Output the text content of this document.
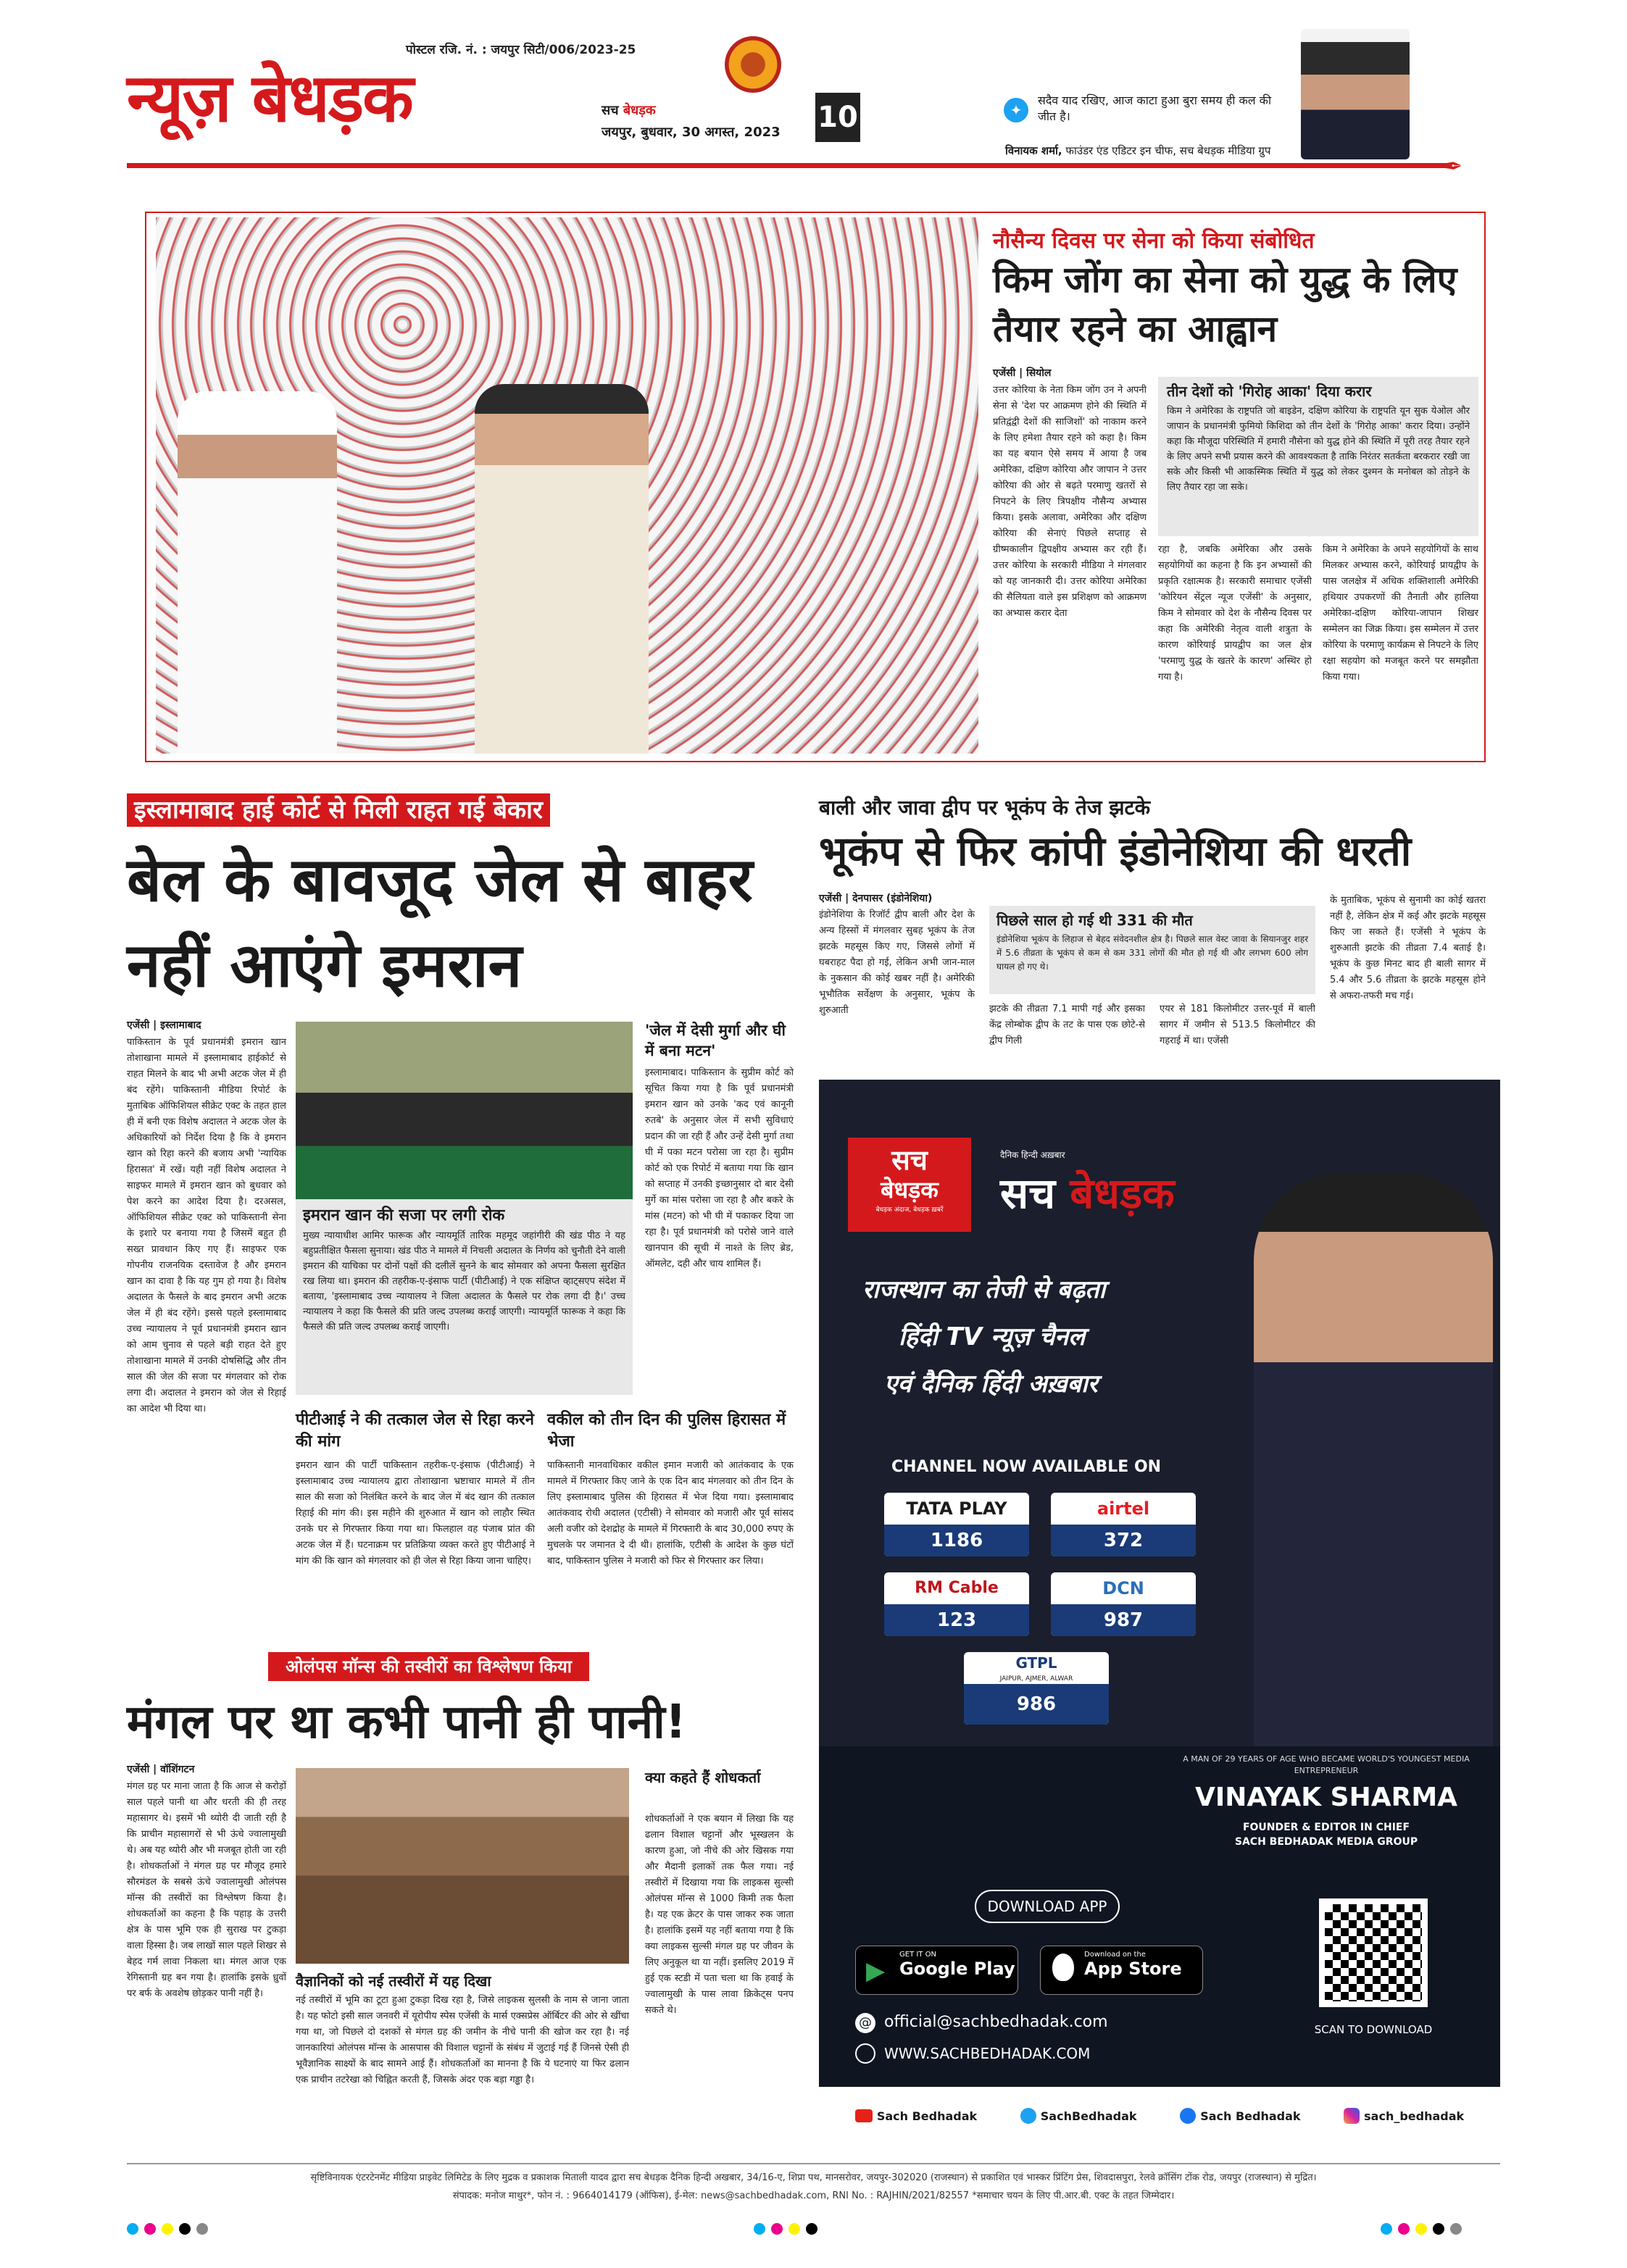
पोस्टल रजि. नं. : जयपुर सिटी/006/2023-25
न्यूज़ बेधड़क	सच बेधड़क
जयपुर, बुधवार, 30 अगस्त, 2023 10	✦
सदैव याद रखिए, आज काटा हुआ बुरा समय ही कल की जीत है।
विनायक शर्मा, फाउंडर एंड एडिटर इन चीफ, सच बेधड़क मीडिया ग्रुप
✒
नौसैन्य दिवस पर सेना को किया संबोधित
किम जोंग का सेना को युद्ध के लिए तैयार रहने का आह्वान
एजेंसी | सियोल
उत्तर कोरिया के नेता किम जोंग उन ने अपनी सेना से 'देश पर आक्रमण होने की स्थिति में प्रतिद्वंद्वी देशों की साजिशों' को नाकाम करने के लिए हमेशा तैयार रहने को कहा है। किम का यह बयान ऐसे समय में आया है जब अमेरिका, दक्षिण कोरिया और जापान ने उत्तर कोरिया की ओर से बढ़ते परमाणु खतरों से निपटने के लिए त्रिपक्षीय नौसैन्य अभ्यास किया। इसके अलावा, अमेरिका और दक्षिण कोरिया की सेनाएं पिछले सप्ताह से ग्रीष्मकालीन द्विपक्षीय अभ्यास कर रही हैं। उत्तर कोरिया के सरकारी मीडिया ने मंगलवार को यह जानकारी दी। उत्तर कोरिया अमेरिका की सैलियता वाले इस प्रशिक्षण को आक्रमण का अभ्यास करार देता
तीन देशों को 'गिरोह आका' दिया करार
किम ने अमेरिका के राष्ट्रपति जो बाइडेन, दक्षिण कोरिया के राष्ट्रपति यून सुक येओल और जापान के प्रधानमंत्री फुमियो किशिदा को तीन देशों के 'गिरोह आका' करार दिया। उन्होंने कहा कि मौजूदा परिस्थिति में हमारी नौसेना को युद्ध होने की स्थिति में पूरी तरह तैयार रहने के लिए अपने सभी प्रयास करने की आवश्यकता है ताकि निरंतर सतर्कता बरकरार रखी जा सके और किसी भी आकस्मिक स्थिति में युद्ध को लेकर दुश्मन के मनोबल को तोड़ने के लिए तैयार रहा जा सके।
रहा है, जबकि अमेरिका और उसके सहयोगियों का कहना है कि इन अभ्यासों की प्रकृति रक्षात्मक है। सरकारी समाचार एजेंसी 'कोरियन सेंट्रल न्यूज एजेंसी' के अनुसार, किम ने सोमवार को देश के नौसैन्य दिवस पर कहा कि अमेरिकी नेतृत्व वाली शत्रुता के कारण कोरियाई प्रायद्वीप का जल क्षेत्र 'परमाणु युद्ध के खतरे के कारण' अस्थिर हो गया है।
किम ने अमेरिका के अपने सहयोगियों के साथ मिलकर अभ्यास करने, कोरियाई प्रायद्वीप के पास जलक्षेत्र में अधिक शक्तिशाली अमेरिकी हथियार उपकरणों की तैनाती और हालिया अमेरिका-दक्षिण कोरिया-जापान शिखर सम्मेलन का जिक्र किया। इस सम्मेलन में उत्तर कोरिया के परमाणु कार्यक्रम से निपटने के लिए रक्षा सहयोग को मजबूत करने पर समझौता किया गया।
इस्लामाबाद हाई कोर्ट से मिली राहत गई बेकार
बेल के बावजूद जेल से बाहर नहीं आएंगे इमरान
एजेंसी | इस्लामाबाद
पाकिस्तान के पूर्व प्रधानमंत्री इमरान खान तोशाखाना मामले में इस्लामाबाद हाईकोर्ट से राहत मिलने के बाद भी अभी अटक जेल में ही बंद रहेंगे। पाकिस्तानी मीडिया रिपोर्ट के मुताबिक ऑफिशियल सीक्रेट एक्ट के तहत हाल ही में बनी एक विशेष अदालत ने अटक जेल के अधिकारियों को निर्देश दिया है कि वे इमरान खान को रिहा करने की बजाय अभी 'न्यायिक हिरासत' में रखें। यही नहीं विशेष अदालत ने साइफर मामले में इमरान खान को बुधवार को पेश करने का आदेश दिया है। दरअसल, ऑफिशियल सीक्रेट एक्ट को पाकिस्तानी सेना के इशारे पर बनाया गया है जिसमें बहुत ही सख्त प्रावधान किए गए हैं। साइफर एक गोपनीय राजनयिक दस्तावेज है और इमरान खान का दावा है कि यह गुम हो गया है। विशेष अदालत के फैसले के बाद इमरान अभी अटक जेल में ही बंद रहेंगे। इससे पहले इस्लामाबाद उच्च न्यायालय ने पूर्व प्रधानमंत्री इमरान खान को आम चुनाव से पहले बड़ी राहत देते हुए तोशाखाना मामले में उनकी दोषसिद्धि और तीन साल की जेल की सजा पर मंगलवार को रोक लगा दी। अदालत ने इमरान को जेल से रिहाई का आदेश भी दिया था।
इमरान खान की सजा पर लगी रोक
मुख्य न्यायाधीश आमिर फारूक और न्यायमूर्ति तारिक महमूद जहांगीरी की खंड पीठ ने यह बहुप्रतीक्षित फैसला सुनाया। खंड पीठ ने मामले में निचली अदालत के निर्णय को चुनौती देने वाली इमरान की याचिका पर दोनों पक्षों की दलीलें सुनने के बाद सोमवार को अपना फैसला सुरक्षित रख लिया था। इमरान की तहरीक-ए-इंसाफ पार्टी (पीटीआई) ने एक संक्षिप्त व्हाट्सएप संदेश में बताया, 'इस्लामाबाद उच्च न्यायालय ने जिला अदालत के फैसले पर रोक लगा दी है।' उच्च न्यायालय ने कहा कि फैसले की प्रति जल्द उपलब्ध कराई जाएगी। न्यायमूर्ति फारूक ने कहा कि फैसले की प्रति जल्द उपलब्ध कराई जाएगी।
'जेल में देसी मुर्गा और घी में बना मटन'
इस्लामाबाद। पाकिस्तान के सुप्रीम कोर्ट को सूचित किया गया है कि पूर्व प्रधानमंत्री इमरान खान को उनके 'कद एवं कानूनी रुतबे' के अनुसार जेल में सभी सुविधाएं प्रदान की जा रही हैं और उन्हें देसी मुर्गा तथा घी में पका मटन परोसा जा रहा है। सुप्रीम कोर्ट को एक रिपोर्ट में बताया गया कि खान को सप्ताह में उनकी इच्छानुसार दो बार देसी मुर्गे का मांस परोसा जा रहा है और बकरे के मांस (मटन) को भी घी में पकाकर दिया जा रहा है। पूर्व प्रधानमंत्री को परोसे जाने वाले खानपान की सूची में नाश्ते के लिए ब्रेड, ऑमलेट, दही और चाय शामिल हैं।
पीटीआई ने की तत्काल जेल से रिहा करने की मांग
इमरान खान की पार्टी पाकिस्तान तहरीक-ए-इंसाफ (पीटीआई) ने इस्लामाबाद उच्च न्यायालय द्वारा तोशाखाना भ्रष्टाचार मामले में तीन साल की सजा को निलंबित करने के बाद जेल में बंद खान की तत्काल रिहाई की मांग की। इस महीने की शुरुआत में खान को लाहौर स्थित उनके घर से गिरफ्तार किया गया था। फिलहाल वह पंजाब प्रांत की अटक जेल में हैं। घटनाक्रम पर प्रतिक्रिया व्यक्त करते हुए पीटीआई ने मांग की कि खान को मंगलवार को ही जेल से रिहा किया जाना चाहिए।
वकील को तीन दिन की पुलिस हिरासत में भेजा
पाकिस्तानी मानवाधिकार वकील इमान मजारी को आतंकवाद के एक मामले में गिरफ्तार किए जाने के एक दिन बाद मंगलवार को तीन दिन के लिए इस्लामाबाद पुलिस की हिरासत में भेज दिया गया। इस्लामाबाद आतंकवाद रोधी अदालत (एटीसी) ने सोमवार को मजारी और पूर्व सांसद अली वजीर को देशद्रोह के मामले में गिरफ्तारी के बाद 30,000 रुपए के मुचलके पर जमानत दे दी थी। हालांकि, एटीसी के आदेश के कुछ घंटों बाद, पाकिस्तान पुलिस ने मजारी को फिर से गिरफ्तार कर लिया।
बाली और जावा द्वीप पर भूकंप के तेज झटके
भूकंप से फिर कांपी इंडोनेशिया की धरती
एजेंसी | देनपासर (इंडोनेशिया)
इंडोनेशिया के रिजॉर्ट द्वीप बाली और देश के अन्य हिस्सों में मंगलवार सुबह भूकंप के तेज झटके महसूस किए गए, जिससे लोगों में घबराहट पैदा हो गई, लेकिन अभी जान-माल के नुकसान की कोई खबर नहीं है। अमेरिकी भूभौतिक सर्वेक्षण के अनुसार, भूकंप के शुरुआती
पिछले साल हो गई थी 331 की मौत
इंडोनेशिया भूकंप के लिहाज से बेहद संवेदनशील क्षेत्र है। पिछले साल वेस्ट जावा के सियानजुर शहर में 5.6 तीव्रता के भूकंप से कम से कम 331 लोगों की मौत हो गई थी और लगभग 600 लोग घायल हो गए थे।
झटके की तीव्रता 7.1 मापी गई और इसका केंद्र लोम्बोक द्वीप के तट के पास एक छोटे-से द्वीप गिली
एयर से 181 किलोमीटर उत्तर-पूर्व में बाली सागर में जमीन से 513.5 किलोमीटर की गहराई में था। एजेंसी
के मुताबिक, भूकंप से सुनामी का कोई खतरा नहीं है, लेकिन क्षेत्र में कई और झटके महसूस किए जा सकते हैं। एजेंसी ने भूकंप के शुरुआती झटके की तीव्रता 7.4 बताई है। भूकंप के कुछ मिनट बाद ही बाली सागर में 5.4 और 5.6 तीव्रता के झटके महसूस होने से अफरा-तफरी मच गई।
ओलंपस मॉन्स की तस्वीरों का विश्लेषण किया
मंगल पर था कभी पानी ही पानी!
एजेंसी | वॉशिंगटन
मंगल ग्रह पर माना जाता है कि आज से करोड़ों साल पहले पानी था और धरती की ही तरह महासागर थे। इसमें भी थ्योरी दी जाती रही है कि प्राचीन महासागरों से भी ऊंचे ज्वालामुखी थे। अब यह थ्योरी और भी मजबूत होती जा रही है। शोधकर्ताओं ने मंगल ग्रह पर मौजूद हमारे सौरमंडल के सबसे ऊंचे ज्वालामुखी ओलंपस मॉन्स की तस्वीरों का विश्लेषण किया है। शोधकर्ताओं का कहना है कि पहाड़ के उत्तरी क्षेत्र के पास भूमि एक ही सुराख पर टुकड़ा वाला हिस्सा है। जब लाखों साल पहले शिखर से बेहद गर्म लावा निकला था। मंगल आज एक रेगिस्तानी ग्रह बन गया है। हालांकि इसके ध्रुवों पर बर्फ के अवशेष छोड़कर पानी नहीं है।
वैज्ञानिकों को नई तस्वीरों में यह दिखा
नई तस्वीरों में भूमि का टूटा हुआ टुकड़ा दिख रहा है, जिसे लाइकस सुलसी के नाम से जाना जाता है। यह फोटो इसी साल जनवरी में यूरोपीय स्पेस एजेंसी के मार्स एक्सप्रेस ऑर्बिटर की ओर से खींचा गया था, जो पिछले दो दशकों से मंगल ग्रह की जमीन के नीचे पानी की खोज कर रहा है। नई जानकारियां ओलंपस मॉन्स के आसपास की विशाल चट्टानों के संबंध में जुटाई गई हैं जिनसे ऐसी ही भूवैज्ञानिक साक्ष्यों के बाद सामने आई हैं। शोधकर्ताओं का मानना है कि ये घटनाएं या फिर ढलान एक प्राचीन तटरेखा को चिह्नित करती हैं, जिसके अंदर एक बड़ा गड्ढा है।
क्या कहते हैं शोधकर्ता
शोधकर्ताओं ने एक बयान में लिखा कि यह ढलान विशाल चट्टानों और भूस्खलन के कारण हुआ, जो नीचे की ओर खिसक गया और मैदानी इलाकों तक फैल गया। नई तस्वीरों में दिखाया गया कि लाइकस सुल्सी ओलंपस मॉन्स से 1000 किमी तक फैला है। यह एक क्रेटर के पास जाकर रुक जाता है। हालांकि इसमें यह नहीं बताया गया है कि क्या लाइकस सुल्सी मंगल ग्रह पर जीवन के लिए अनुकूल था या नहीं। इसलिए 2019 में हुई एक स्टडी में पता चला था कि हवाई के ज्वालामुखी के पास लावा क्रिकेट्स पनप सकते थे।
सच
बेधड़क
बेधड़क अंदाज, बेधड़क ख़बरें
दैनिक हिन्दी अख़बार
सच बेधड़क
राजस्थान का तेजी से बढ़ता
हिंदी TV न्यूज़ चैनल
एवं दैनिक हिंदी अख़बार
CHANNEL NOW AVAILABLE ON
TATA PLAY
1186
airtel
372
RM Cable
123
DCN
987
GTPL
JAIPUR, AJMER, ALWAR
986
A MAN OF 29 YEARS OF AGE WHO BECAME WORLD'S YOUNGEST MEDIA ENTREPRENEUR
VINAYAK SHARMA
FOUNDER & EDITOR IN CHIEF
SACH BEDHADAK MEDIA GROUP
DOWNLOAD APP
▶
GET IT ON
Google Play
Download on the
App Store
@ official@sachbedhadak.com
WWW.SACHBEDHADAK.COM
SCAN TO DOWNLOAD
Sach Bedhadak	SachBedhadak	Sach Bedhadak	sach_bedhadak
सृष्टिविनायक एंटरटेनमेंट मीडिया प्राइवेट लिमिटेड के लिए मुद्रक व प्रकाशक मिताली यादव द्वारा सच बेधड़क दैनिक हिन्दी अखबार, 34/16-ए, शिप्रा पथ, मानसरोवर, जयपुर-302020 (राजस्थान) से प्रकाशित एवं भास्कर प्रिंटिंग प्रेस, शिवदासपुरा, रेलवे क्रॉसिंग टोंक रोड, जयपुर (राजस्थान) से मुद्रित।
संपादक: मनोज माथुर*, फोन नं. : 9664014179 (ऑफिस), ई-मेल: news@sachbedhadak.com, RNI No. : RAJHIN/2021/82557 *समाचार चयन के लिए पी.आर.बी. एक्ट के तहत जिम्मेदार।
